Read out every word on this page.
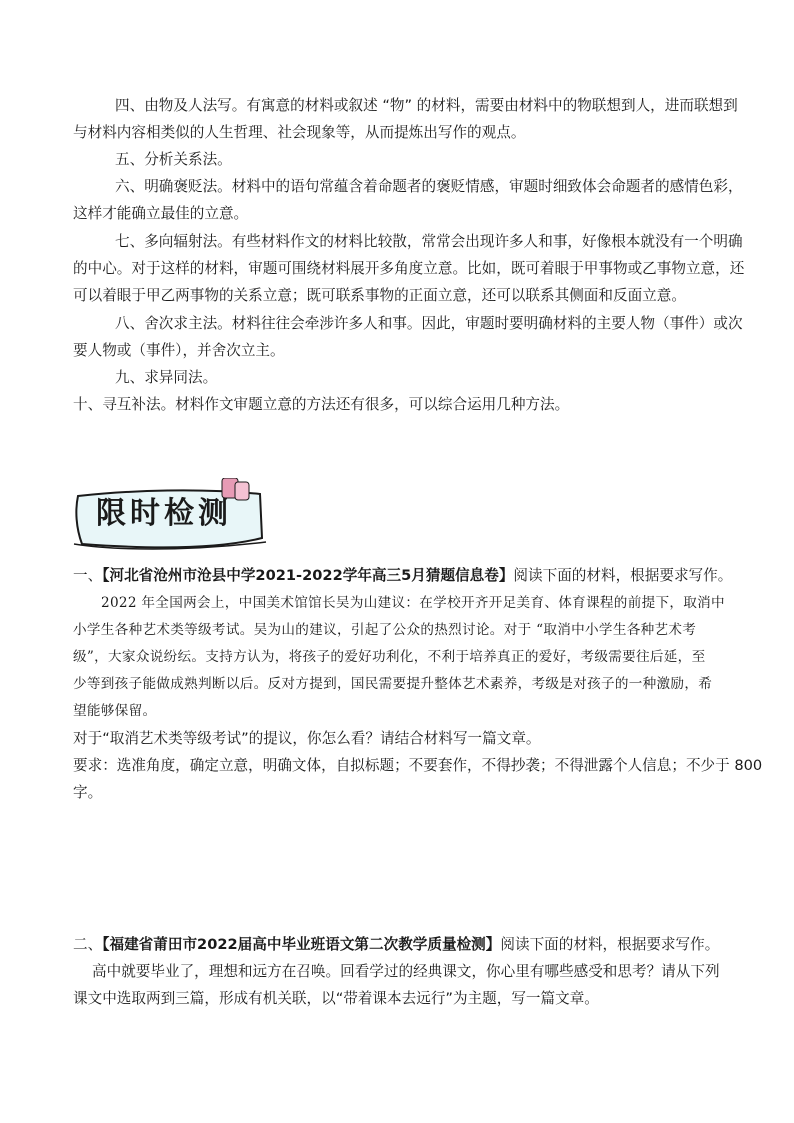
四、由物及人法写。有寓意的材料或叙述 “物” 的材料，需要由材料中的物联想到人，进而联想到

与材料内容相类似的人生哲理、社会现象等，从而提炼出写作的观点。

五、分析关系法。

六、明确褒贬法。材料中的语句常蕴含着命题者的褒贬情感，审题时细致体会命题者的感情色彩，

这样才能确立最佳的立意。

七、多向辐射法。有些材料作文的材料比较散，常常会出现许多人和事，好像根本就没有一个明确

的中心。对于这样的材料，审题可围绕材料展开多角度立意。比如，既可着眼于甲事物或乙事物立意，还

可以着眼于甲乙两事物的关系立意；既可联系事物的正面立意，还可以联系其侧面和反面立意。

八、舍次求主法。材料往往会牵涉许多人和事。因此，审题时要明确材料的主要人物（事件）或次

要人物或（事件），并舍次立主。

九、求异同法。

十、寻互补法。材料作文审题立意的方法还有很多，可以综合运用几种方法。

限时检测
一、【河北省沧州市沧县中学2021-2022学年高三5月猜题信息卷】阅读下面的材料，根据要求写作。

2022 年全国两会上，中国美术馆馆长吴为山建议：在学校开齐开足美育、体育课程的前提下，取消中

小学生各种艺术类等级考试。吴为山的建议，引起了公众的热烈讨论。对于 “取消中小学生各种艺术考

级”，大家众说纷纭。支持方认为，将孩子的爱好功利化，不利于培养真正的爱好，考级需要往后延，至

少等到孩子能做成熟判断以后。反对方提到，国民需要提升整体艺术素养，考级是对孩子的一种激励，希

望能够保留。

对于“取消艺术类等级考试”的提议，你怎么看？请结合材料写一篇文章。

要求：选准角度，确定立意，明确文体，自拟标题；不要套作，不得抄袭；不得泄露个人信息；不少于 800

字。

二、【福建省莆田市2022届高中毕业班语文第二次教学质量检测】阅读下面的材料，根据要求写作。

高中就要毕业了，理想和远方在召唤。回看学过的经典课文，你心里有哪些感受和思考？请从下列

课文中选取两到三篇，形成有机关联，以“带着课本去远行”为主题，写一篇文章。
